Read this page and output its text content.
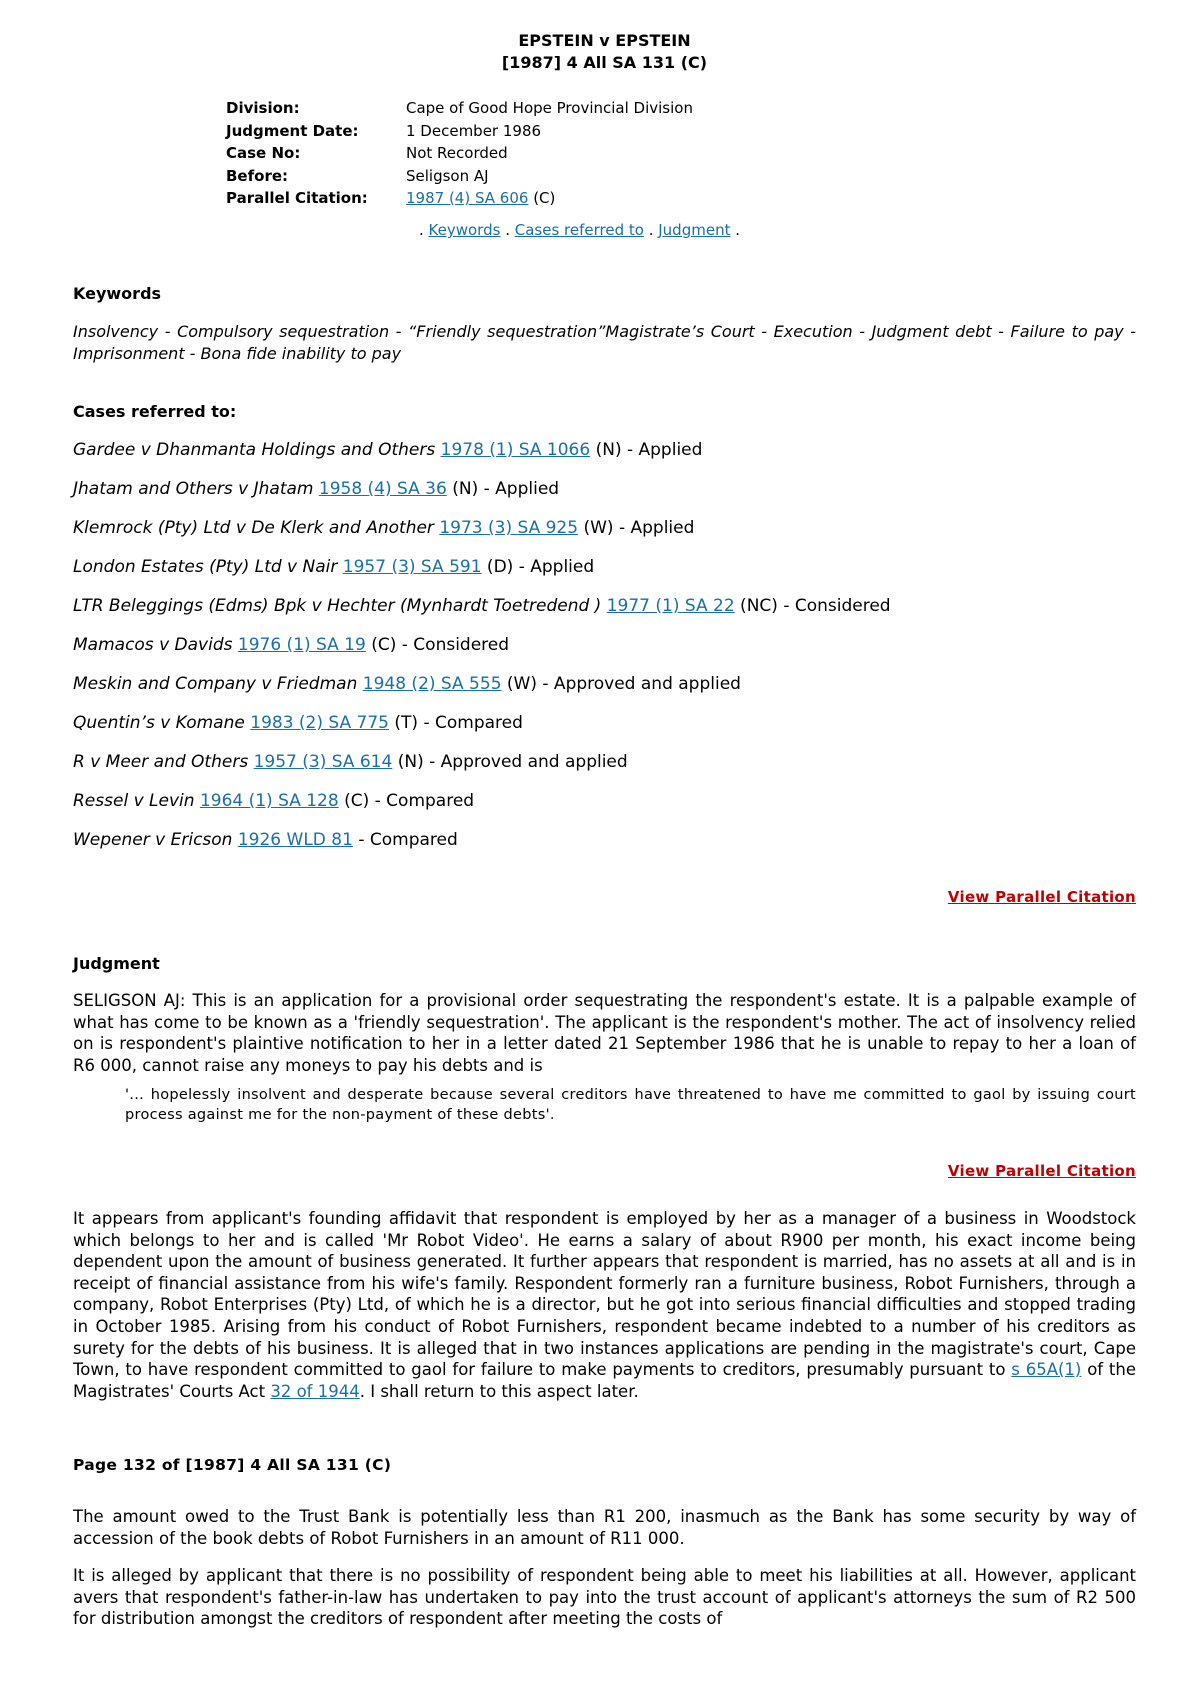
EPSTEIN v EPSTEIN
[1987] 4 All SA 131 (C)
Division:	Cape of Good Hope Provincial Division
Judgment Date:	1 December 1986
Case No:	Not Recorded
Before:	Seligson AJ
Parallel Citation:	1987 (4) SA 606 (C)
. Keywords . Cases referred to . Judgment .
Keywords
Insolvency - Compulsory sequestration - “Friendly sequestration”Magistrate’s Court - Execution - Judgment debt - Failure to pay - Imprisonment - Bona fide inability to pay
Cases referred to:
Gardee v Dhanmanta Holdings and Others 1978 (1) SA 1066 (N) - Applied
Jhatam and Others v Jhatam 1958 (4) SA 36 (N) - Applied
Klemrock (Pty) Ltd v De Klerk and Another 1973 (3) SA 925 (W) - Applied
London Estates (Pty) Ltd v Nair 1957 (3) SA 591 (D) - Applied
LTR Beleggings (Edms) Bpk v Hechter (Mynhardt Toetredend ) 1977 (1) SA 22 (NC) - Considered
Mamacos v Davids 1976 (1) SA 19 (C) - Considered
Meskin and Company v Friedman 1948 (2) SA 555 (W) - Approved and applied
Quentin’s v Komane 1983 (2) SA 775 (T) - Compared
R v Meer and Others 1957 (3) SA 614 (N) - Approved and applied
Ressel v Levin 1964 (1) SA 128 (C) - Compared
Wepener v Ericson 1926 WLD 81 - Compared
View Parallel Citation
Judgment
SELIGSON AJ: This is an application for a provisional order sequestrating the respondent's estate. It is a palpable example of what has come to be known as a 'friendly sequestration'. The applicant is the respondent's mother. The act of insolvency relied on is respondent's plaintive notification to her in a letter dated 21 September 1986 that he is unable to repay to her a loan of R6 000, cannot raise any moneys to pay his debts and is
'... hopelessly insolvent and desperate because several creditors have threatened to have me committed to gaol by issuing court process against me for the non-payment of these debts'.
View Parallel Citation
It appears from applicant's founding affidavit that respondent is employed by her as a manager of a business in Woodstock which belongs to her and is called 'Mr Robot Video'. He earns a salary of about R900 per month, his exact income being dependent upon the amount of business generated. It further appears that respondent is married, has no assets at all and is in receipt of financial assistance from his wife's family. Respondent formerly ran a furniture business, Robot Furnishers, through a company, Robot Enterprises (Pty) Ltd, of which he is a director, but he got into serious financial difficulties and stopped trading in October 1985. Arising from his conduct of Robot Furnishers, respondent became indebted to a number of his creditors as surety for the debts of his business. It is alleged that in two instances applications are pending in the magistrate's court, Cape Town, to have respondent committed to gaol for failure to make payments to creditors, presumably pursuant to s 65A(1) of the Magistrates' Courts Act 32 of 1944. I shall return to this aspect later.
Page 132 of [1987] 4 All SA 131 (C)
The amount owed to the Trust Bank is potentially less than R1 200, inasmuch as the Bank has some security by way of accession of the book debts of Robot Furnishers in an amount of R11 000.
It is alleged by applicant that there is no possibility of respondent being able to meet his liabilities at all. However, applicant avers that respondent's father-in-law has undertaken to pay into the trust account of applicant's attorneys the sum of R2 500 for distribution amongst the creditors of respondent after meeting the costs of
